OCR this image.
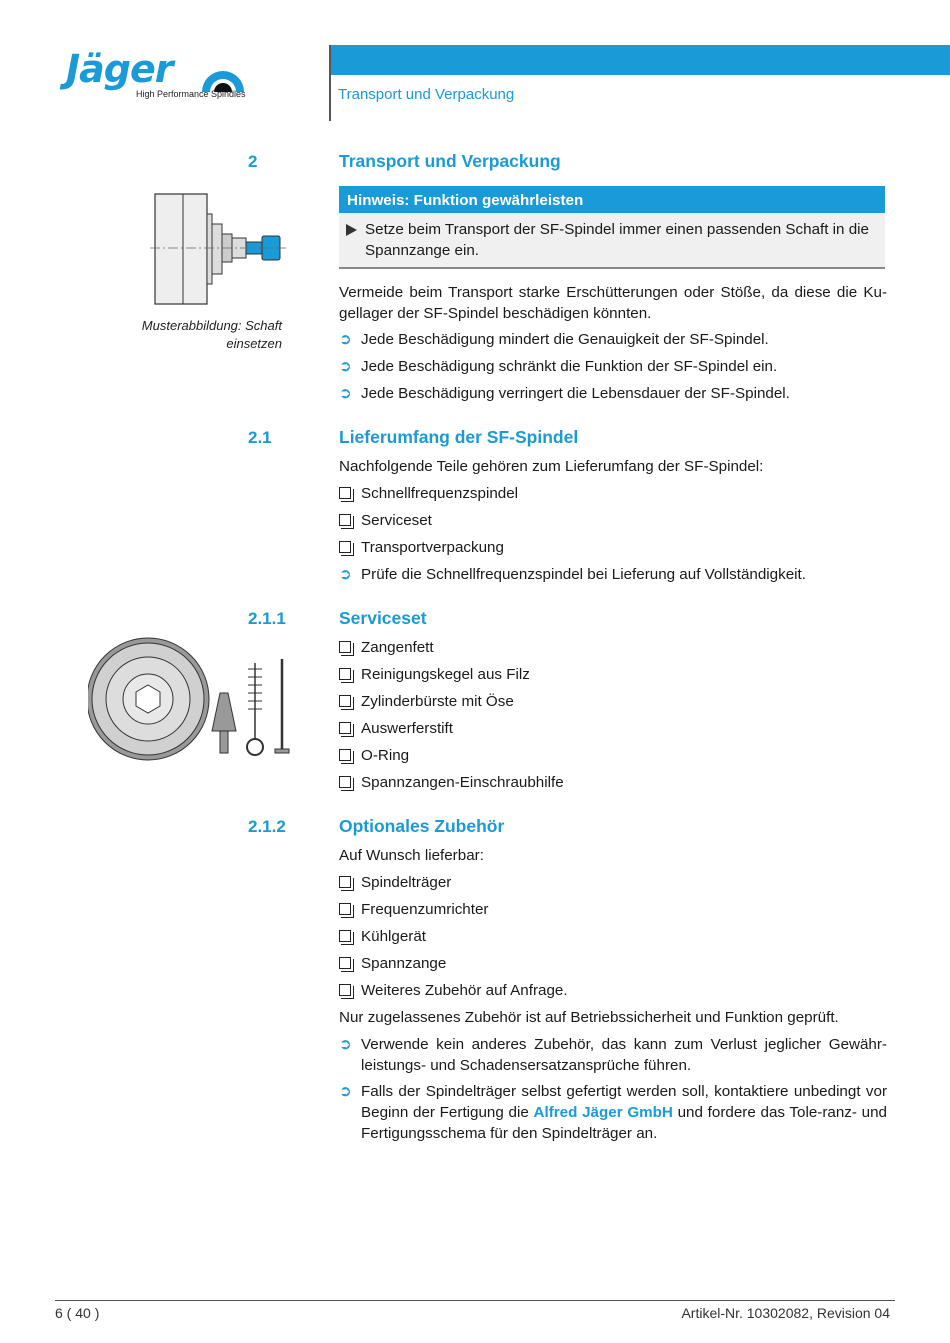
Jäger
High Performance Spindles	Transport und Verpackung
2	Transport und Verpackung
Musterabbildung: Schaft einsetzen
Hinweis: Funktion gewährleisten
Setze beim Transport der SF-Spindel immer einen passenden Schaft in die Spannzange ein.
Vermeide beim Transport starke Erschütterungen oder Stöße, da diese die Ku-gellager der SF-Spindel beschädigen könnten.
➲ Jede Beschädigung mindert die Genauigkeit der SF-Spindel.
➲ Jede Beschädigung schränkt die Funktion der SF-Spindel ein.
➲ Jede Beschädigung verringert die Lebensdauer der SF-Spindel.
2.1	Lieferumfang der SF-Spindel
Nachfolgende Teile gehören zum Lieferumfang der SF-Spindel:
Schnellfrequenzspindel
Serviceset
Transportverpackung
➲ Prüfe die Schnellfrequenzspindel bei Lieferung auf Vollständigkeit.
2.1.1	Serviceset
Zangenfett
Reinigungskegel aus Filz
Zylinderbürste mit Öse
Auswerferstift
O-Ring
Spannzangen-Einschraubhilfe
2.1.2	Optionales Zubehör
Auf Wunsch lieferbar:
Spindelträger
Frequenzumrichter
Kühlgerät
Spannzange
Weiteres Zubehör auf Anfrage.
Nur zugelassenes Zubehör ist auf Betriebssicherheit und Funktion geprüft.
➲ Verwende kein anderes Zubehör, das kann zum Verlust jeglicher Gewähr-leistungs- und Schadensersatzansprüche führen.
➲ Falls der Spindelträger selbst gefertigt werden soll, kontaktiere unbedingt vor Beginn der Fertigung die Alfred Jäger GmbH und fordere das Tole-ranz- und Fertigungsschema für den Spindelträger an.
6 ( 40 )	Artikel-Nr. 10302082, Revision 04
